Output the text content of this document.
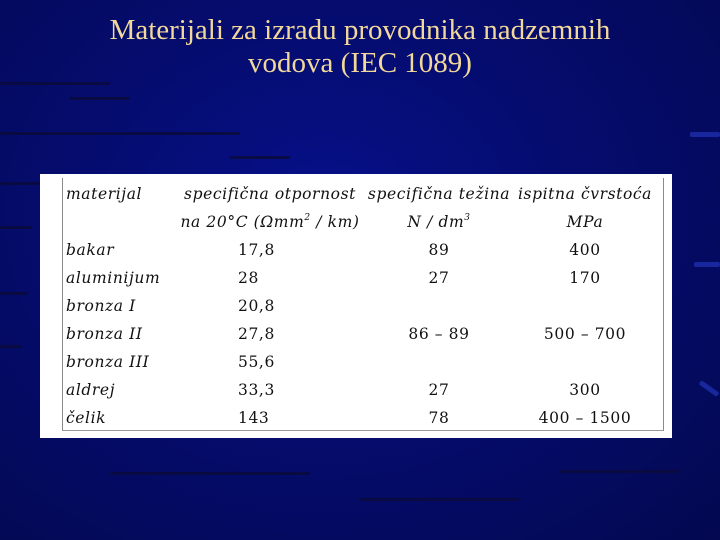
Materijali za izradu provodnika nadzemnih
vodova (IEC 1089)
materijal	specifična otpornost	specifična težina	ispitna čvrstoća
	na 20°C (Ωmm$^2$ / km)	N / $dm^3$	MPa
bakar	17,8	89	400
aluminijum	28	27	170
bronza I	20,8		
bronza II	27,8	86 – 89	500 – 700
bronza III	55,6		
aldrej	33,3	27	300
čelik	143	78	400 – 1500
